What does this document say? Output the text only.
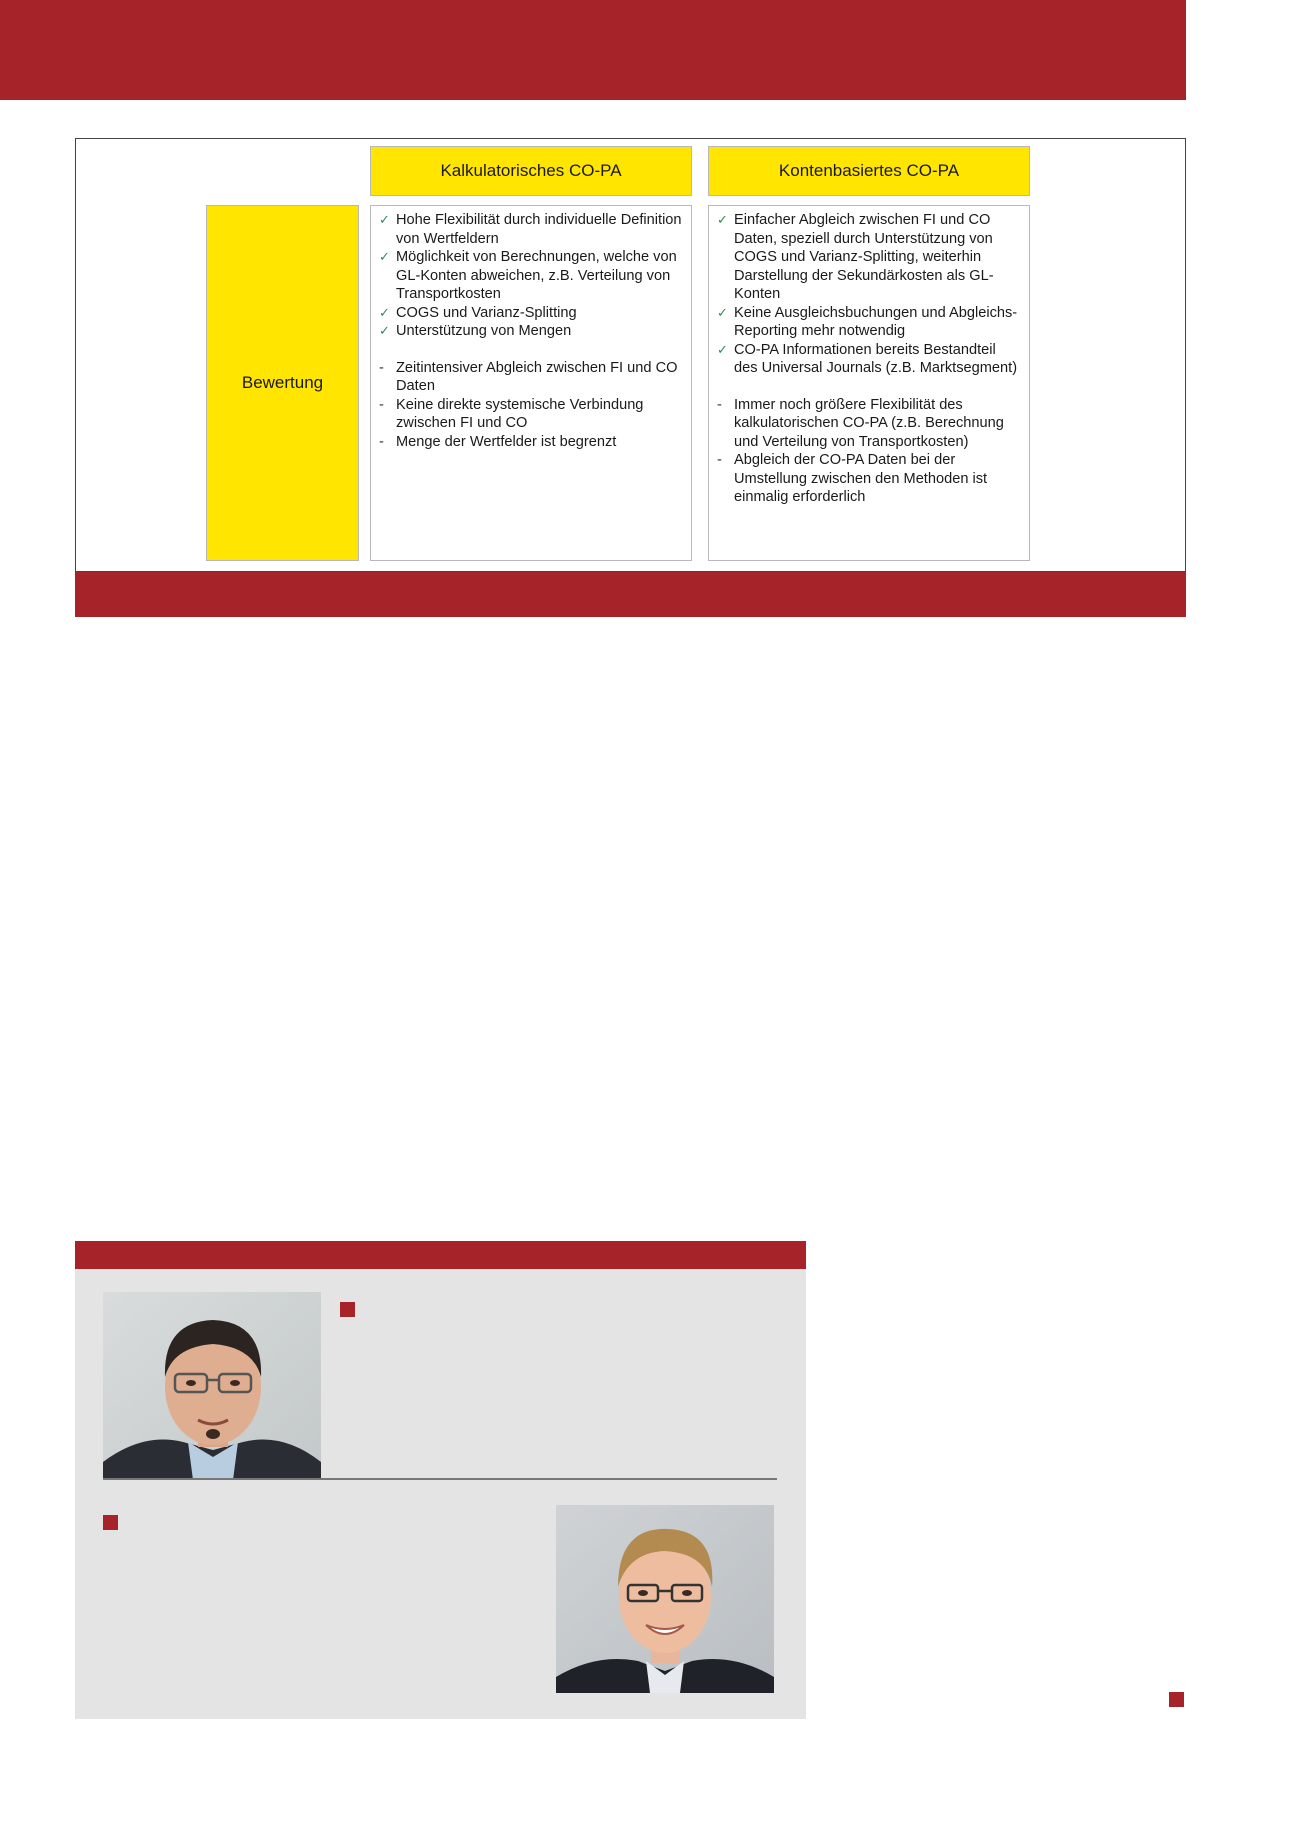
Kalkulatorisches CO-PA	Kontenbasiertes CO-PA
Bewertung
✓ Hohe Flexibilität durch individuelle Definition von Wertfeldern
✓ Möglichkeit von Berechnungen, welche von GL-Konten abweichen, z.B. Verteilung von Transportkosten
✓ COGS und Varianz-Splitting
✓ Unterstützung von Mengen
- Zeitintensiver Abgleich zwischen FI und CO Daten
- Keine direkte systemische Verbindung zwischen FI und CO
- Menge der Wertfelder ist begrenzt
✓ Einfacher Abgleich zwischen FI und CO Daten, speziell durch Unterstützung von COGS und Varianz-Splitting, weiterhin Darstellung der Sekundärkosten als GL-Konten
✓ Keine Ausgleichsbuchungen und Abgleichs-Reporting mehr notwendig
✓ CO-PA Informationen bereits Bestandteil des Universal Journals (z.B. Marktsegment)
- Immer noch größere Flexibilität des kalkulatorischen CO-PA (z.B. Berechnung und Verteilung von Transportkosten)
- Abgleich der CO-PA Daten bei der Umstellung zwischen den Methoden ist einmalig erforderlich
